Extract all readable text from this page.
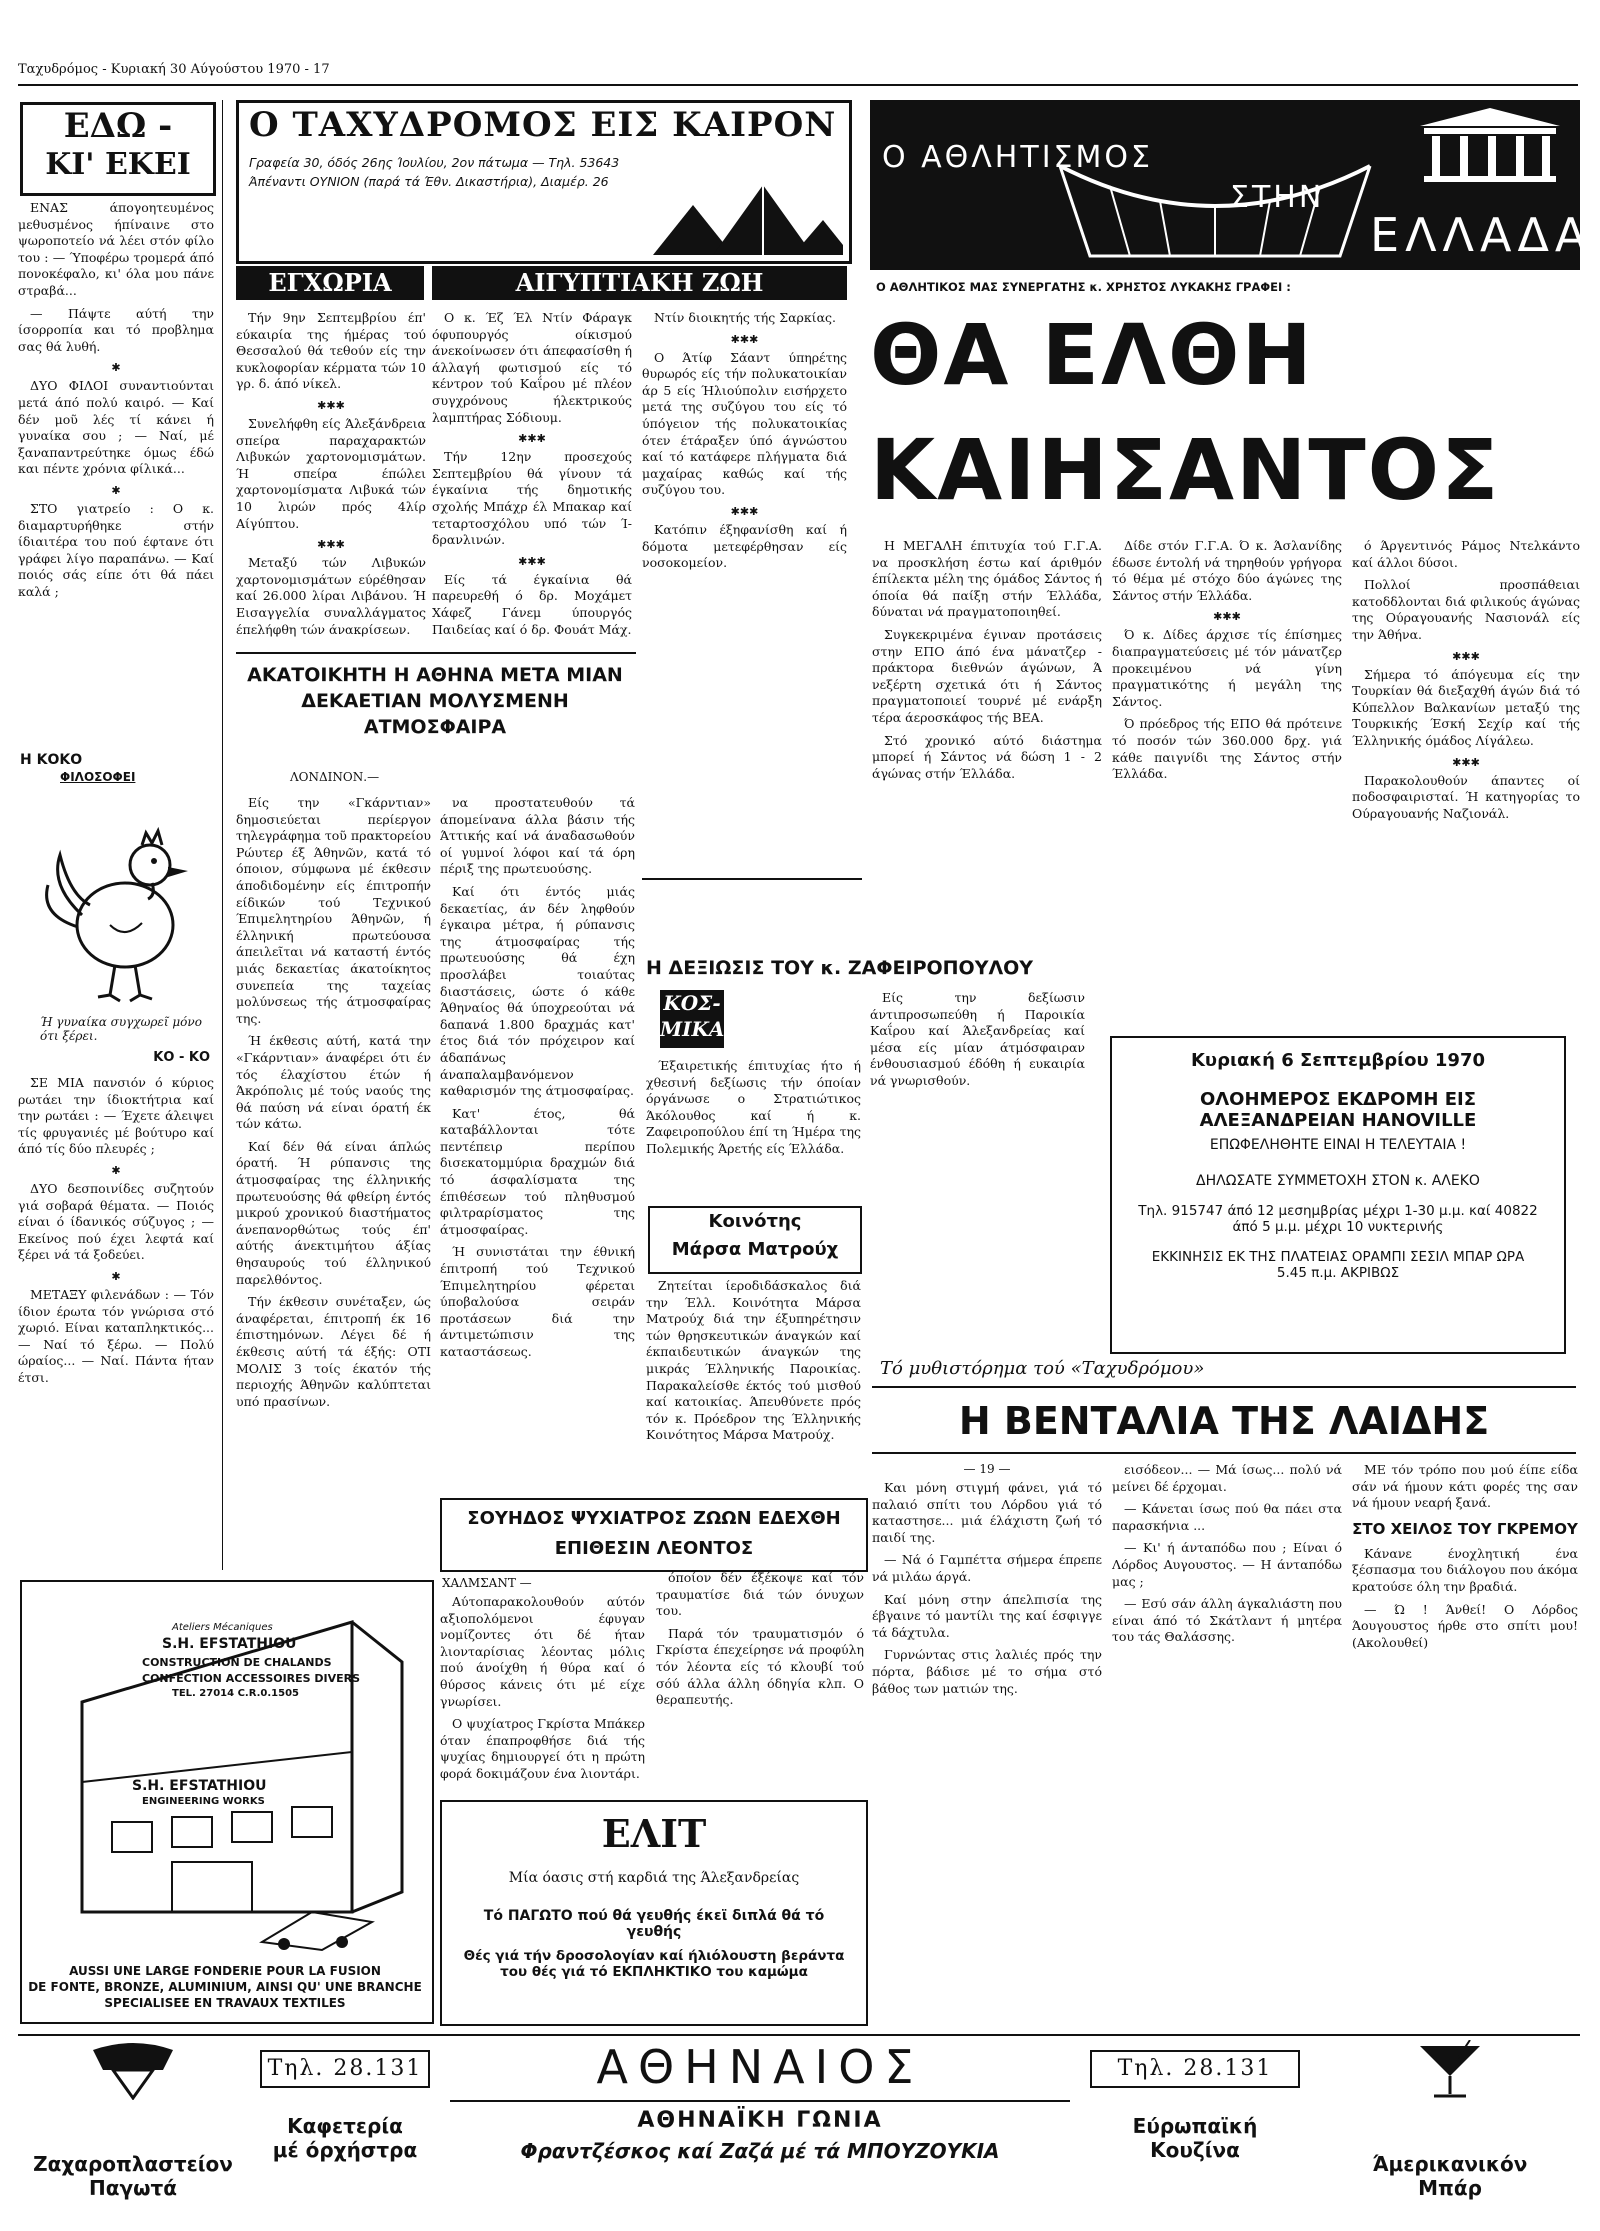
Ταχυδρόμος - Κυριακή 30 Αύγούστου 1970 - 17
ΕΔΩ -
ΚΙ' ΕΚΕΙ

ΕΝΑΣ άπογοητευμένος μεθυσμένος ήπίναινε στο ψωροποτείο νά λέει στόν φίλο του : — Ύποφέρω τρομερά άπό πονοκέφαλο, κι' όλα μου πάνε στραβά...

— Πάψτε αύτή την ίσορροπία και τό προβλημα σας θά λυθή.

✱

ΔΥΟ ΦΙΛΟΙ συναντιούνται μετά άπό πολύ καιρό. — Καί δέν μοῦ λές τί κάνει ή γυναίκα σου ; — Ναί, μέ ξαναπαντρεύτηκε όμως έδώ και πέντε χρόνια φίλικά...

✱

ΣΤΟ γιατρείο : Ο κ. διαμαρτυρήθηκε στήν ίδιαιτέρα του πού έφτανε ότι γράφει λίγο παραπάνω. — Καί ποιός σάς είπε ότι θά πάει καλά ;

Η ΚΟΚΟ
ΦΙΛΟΣΟΦΕΙ
Ή γυναίκα συγχωρεῖ μόνο ότι ξέρει.
ΚΟ - ΚΟ

ΣΕ ΜΙΑ πανσιόν ό κύριος ρωτάει την ίδιοκτήτρια καί την ρωτάει : — Έχετε άλειψει τίς φρυγανιές μέ βούτυρο καί άπό τίς δύο πλευρές ;

✱

ΔΥΟ δεσποινίδες συζητούν γιά σοβαρά θέματα. — Ποιός είναι ό ίδανικός σύζυγος ; — Εκείνος πού έχει λεφτά καί ξέρει νά τά ξοδεύει.

✱

ΜΕΤΑΞΥ φιλενάδων : — Τόν ίδιον έρωτα τόν γνώρισα στό χωριό. Είναι καταπληκτικός... — Ναί τό ξέρω. — Πολύ ώραίος... — Ναί. Πάντα ήταν έτσι.

Ο ΤΑΧΥΔΡΟΜΟΣ ΕΙΣ ΚΑΙΡΟΝ
Γραφεία 30, όδός 26ης Ίουλίου, 2ον πάτωμα — Τηλ. 53643
Άπέναντι ΟΥΝΙΟΝ (παρά τά Έθν. Δικαστήρια), Διαμέρ. 26
ΕΓΧΩΡΙΑ

Τήν 9ην Σεπτεμβρίου έπ' εύκαιρία της ήμέρας τού Θεσσαλού θά τεθούν είς την κυκλοφορίαν κέρματα τών 10 γρ. δ. άπό νίκελ.

✱✱✱

Συνελήφθη είς Άλεξάνδρεια σπείρα παραχαρακτών Λιβυκών χαρτονομισμάτων. Ή σπείρα έπώλει χαρτονομίσματα Λιβυκά τών 10 λιρών πρός 4λίρ Αίγύπτου.

✱✱✱

Μεταξύ τών Λιβυκών χαρτονομισμάτων εύρέθησαν καί 26.000 λίραι Λιβάνου. Ή Εισαγγελία συναλλάγματος έπελήφθη τών άνακρίσεων.

ΑΙΓΥΠΤΙΑΚΗ ΖΩΗ

Ο κ. Έζ Έλ Ντίν Φάραγκ όφυπουργός οίκισμού άνεκοίνωσεν ότι άπεφασίσθη ή άλλαγή φωτισμού είς τό κέντρον τού Καΐρου μέ πλέον συγχρόνους ήλεκτρικούς λαμπτήρας Σόδιουμ.

✱✱✱

Τήν 12ην προσεχούς Σεπτεμβρίου θά γίνουν τά έγκαίνια τής δημοτικής σχολής Μπάχρ έλ Μπακαρ καί τεταρτοσχόλου υπό τών Ί-δρανλινών.

✱✱✱

Είς τά έγκαίνια θά παρευρεθή ό δρ. Μοχάμετ Χάφεζ Γάνεμ ύπουργός Παιδείας καί ό δρ. Φουάτ Μάχ.

Ντίν διοικητής τής Σαρκίας.

✱✱✱

Ο Άτίφ Σάαντ ύπηρέτης θυρωρός είς τήν πολυκατοικίαν άρ 5 είς Ήλιούπολιν εισήρχετο μετά της συζύγου του είς τό ύπόγειον τής πολυκατοικίας ότεν έτάραξεν ύπό άγνώστου καί τό κατάφερε πλήγματα διά μαχαίρας καθώς καί τής συζύγου του.

✱✱✱

Κατόπιν έξηφανίσθη καί ή δόμοτα μετεφέρθησαν είς νοσοκομείον.

ΑΚΑΤΟΙΚΗΤΗ Η ΑΘΗΝΑ ΜΕΤΑ ΜΙΑΝ ΔΕΚΑΕΤΙΑΝ ΜΟΛΥΣΜΕΝΗ ΑΤΜΟΣΦΑΙΡΑ
ΛΟΝΔΙΝΟΝ.—

Είς την «Γκάρντιαν» δημοσιεύεται περίεργον τηλεγράφημα τοῦ πρακτορείου Ρώυτερ έξ Άθηνῶν, κατά τό όποιον, σύμφωνα μέ έκθεσιν άποδιδομένην είς έπιτροπήν είδικών τού Τεχνικού Έπιμελητηρίου Άθηνῶν, ή έλληνική πρωτεύουσα άπειλεῖται νά καταστή έντός μιάς δεκαετίας άκατοίκητος συνεπεία της ταχείας μολύνσεως τής άτμοσφαίρας της.

Ή έκθεσις αύτή, κατά την «Γκάρντιαν» άναφέρει ότι έν τός έλαχίστου έτών ή Άκρόπολις μέ τούς ναούς της θά παύση νά είναι όρατή έκ τών κάτω.

Καί δέν θά είναι άπλώς όρατή. Ή ρύπανσις της άτμοσφαίρας της έλληνικής πρωτευούσης θά φθείρη έντός μικρού χρονικού διαστήματος άνεπανορθώτως τούς έπ' αύτής άνεκτιμήτου άξίας θησαυρούς τού έλληνικού παρελθόντος.

Τήν έκθεσιν συνέταξεν, ώς άναφέρεται, έπιτροπή έκ 16 έπιστημόνων. Λέγει δέ ή έκθεσις αύτή τά έξής: ΟΤΙ ΜΟΛΙΣ 3 τοίς έκατόν τής περιοχής Άθηνῶν καλύπτεται υπό πρασίνων.

να προστατευθούν τά άπομείνανα άλλα βάσιν τής Άττικής καί νά άναδασωθούν οί γυμνοί λόφοι καί τά όρη πέριξ της πρωτευούσης.

Καί ότι έντός μιάς δεκαετίας, άν δέν ληφθούν έγκαιρα μέτρα, ή ρύπανσις της άτμοσφαίρας τής πρωτευούσης θά έχη προσλάβει τοιαύτας διαστάσεις, ώστε ό κάθε Άθηναίος θά ύποχρεούται νά δαπανά 1.800 δραχμάς κατ' έτος διά τόν πρόχειρον καί άδαπάνως άναπαλαμβανόμενον καθαρισμόν της άτμοσφαίρας.

Κατ' έτος, θά καταβάλλονται τότε πεντέπειρ περίπου δισεκατομμύρια δραχμών διά τό άσφαλίσματα της έπιθέσεων τού πληθυσμού φιλτραρίσματος της άτμοσφαίρας.

Ή συνιστάται την έθνική έπιτροπή τού Τεχνικού Έπιμελητηρίου φέρεται ύποβαλούσα σειράν προτάσεων διά την άντιμετώπισιν της καταστάσεως.

Η ΔΕΞΙΩΣΙΣ ΤΟΥ κ. ΖΑΦΕΙΡΟΠΟΥΛΟΥ
ΚΟΣ-ΜΙΚΑ

Έξαιρετικής έπιτυχίας ήτο ή χθεσινή δεξίωσις τήν όποίαν όργάνωσε ο Στρατιώτικος Άκόλουθος καί ή κ. Ζαφειροπούλου έπί τη Ήμέρα της Πολεμικής Άρετής είς Έλλάδα.

Είς την δεξίωσιν άντιπροσωπεύθη ή Παροικία Καΐρου καί Άλεξανδρείας καί μέσα είς μίαν άτμόσφαιραν ένθουσιασμού έδόθη ή ευκαιρία νά γνωρισθούν.

Κοινότης
Μάρσα Ματρούχ

Ζητείται ίεροδιδάσκαλος διά την Έλλ. Κοινότητα Μάρσα Ματρούχ διά την έξυπηρέτησιν τών θρησκευτικών άναγκών καί έκπαιδευτικών άναγκών της μικράς Έλληνικής Παροικίας. Παρακαλείσθε έκτός τού μισθού καί κατοικίας. Άπευθύνετε πρός τόν κ. Πρόεδρον της Έλληνικής Κοινότητος Μάρσα Ματρούχ.

Ο ΑΘΛΗΤΙΣΜΟΣ
ΣΤΗΝ
ΕΛΛΑΔΑ
Ο ΑΘΛΗΤΙΚΟΣ ΜΑΣ ΣΥΝΕΡΓΑΤΗΣ κ. ΧΡΗΣΤΟΣ ΛΥΚΑΚΗΣ ΓΡΑΦΕΙ :
ΘΑ ΕΛΘΗ
ΚΑΙΗΣΑΝΤΟΣ

Η ΜΕΓΑΛΗ έπιτυχία τού Γ.Γ.Α. να προσκλήση έστω καί άριθμόν έπίλεκτα μέλη της όμάδος Σάντος ή όποία θά παίξη στήν Έλλάδα, δύναται νά πραγματοποιηθεί.

Συγκεκριμένα έγιναν προτάσεις στην ΕΠΟ άπό ένα μάνατζερ - πράκτορα διεθνών άγώνων, Ά νεξέρτη σχετικά ότι ή Σάντος πραγματοποιεί τουρνέ μέ ενάρξη τέρα άεροσκάφος τής ΒΕΑ.

Στό χρονικό αύτό διάστημα μπορεί ή Σάντος νά δώση 1 - 2 άγώνας στήν Έλλάδα.

Δίδε στόν Γ.Γ.Α. Ό κ. Άσλανίδης έδωσε έντολή νά τηρηθούν γρήγορα τό θέμα μέ στόχο δύο άγώνες της Σάντος στήν Έλλάδα.

✱✱✱

Ό κ. Δίδες άρχισε τίς έπίσημες διαπραγματεύσεις μέ τόν μάνατζερ προκειμένου νά γίνη πραγματικότης ή μεγάλη της Σάντος.

Ό πρόεδρος τής ΕΠΟ θά πρότεινε τό ποσόν τών 360.000 δρχ. γιά κάθε παιγνίδι της Σάντος στήν Έλλάδα.

ό Άργεντινός Ράμος Ντελκάντο καί άλλοι δύσοι.

Πολλοί προσπάθειαι κατοδδλονται διά φιλικούς άγώνας της Ούραγουανής Νασιονάλ είς την Άθήνα.

✱✱✱

Σήμερα τό άπόγευμα είς την Τουρκίαν θά διεξαχθή άγών διά τό Κύπελλον Βαλκανίων μεταξύ της Τουρκικής Έσκή Σεχίρ καί τής Έλληνικής όμάδος Λίγάλεω.

✱✱✱

Παρακολουθούν άπαντες οί ποδοσφαιρισταί. Ή κατηγορίας το Ούραγουανής Ναζιονάλ.

Κυριακή 6 Σεπτεμβρίου 1970
ΟΛΟΗΜΕΡΟΣ ΕΚΔΡΟΜΗ ΕΙΣ
ΑΛΕΞΑΝΔΡΕΙΑΝ HANOVILLE
ΕΠΩΦΕΛΗΘΗΤΕ ΕΙΝΑΙ Η ΤΕΛΕΥΤΑΙΑ !
ΔΗΛΩΣΑΤΕ ΣΥΜΜΕΤΟΧΗ ΣΤΟΝ κ. ΑΛΕΚΟ
Τηλ. 915747 άπό 12 μεσημβρίας μέχρι 1-30 μ.μ. καί 40822 άπό 5 μ.μ. μέχρι 10 νυκτερινής
ΕΚΚΙΝΗΣΙΣ ΕΚ ΤΗΣ ΠΛΑΤΕΙΑΣ ΟΡΑΜΠΙ ΣΕΣΙΛ ΜΠΑΡ ΩΡΑ 5.45 π.μ. ΑΚΡΙΒΩΣ
Τό μυθιστόρημα τού «Ταχυδρόμου»
Η ΒΕΝΤΑΛΙΑ ΤΗΣ ΛΑΙΔΗΣ
— 19 —

Και μόνη στιγμή φάνει, γιά τό παλαιό σπίτι του Λόρδου γιά τό καταστησε... μιά έλάχιστη ζωή τό παιδί της.

— Νά ό Γαμπέττα σήμερα έπρεπε νά μιλάω άργά.

Καί μόνη στην άπελπισία της έβγαινε τό μαντίλι της καί έσφιγγε τά δάχτυλα.

Γυρνώντας στις λαλιές πρός την πόρτα, βάδισε μέ το σήμα στό βάθος των ματιών της.

εισόδεον... — Μά ίσως... πολύ νά μείνει δέ έρχομαι.

— Κάνεται ίσως πού θα πάει στα παρασκήνια ...

— Κι' ή άνταπόδω που ; Είναι ό Λόρδος Αυγουστος. — Η άνταπόδω μας ;

— Εσύ σάν άλλη άγκαλιάστη που είναι άπό τό Σκάτλαντ ή μητέρα του τάς Θαλάσσης.

ΜΕ τόν τρόπο που μού έίπε είδα σάν νά ήμουν κάτι φορές της σαν νά ήμουν νεαρή ξανά.

ΣΤΟ ΧΕΙΛΟΣ ΤΟΥ ΓΚΡΕΜΟΥ

Κάνανε ένοχλητική ένα ξέσπασμα του διάλογου που άκόμα κρατούσε όλη την βραδιά.

— Ώ ! Άνθεί! Ο Λόρδος Άουγουστος ήρθε στο σπίτι μου! (Ακολουθεί)

ΣΟΥΗΔΟΣ ΨΥΧΙΑΤΡΟΣ ΖΩΩΝ ΕΔΕΧΘΗ ΕΠΙΘΕΣΙΝ ΛΕΟΝΤΟΣ
ΧΑΛΜΣΑΝΤ —

Αύτοπαρακολουθούν αύτόν αξιοπολόμενοι έφυγαν νομίζοντες ότι δέ ήταν λιονταρίσιας λέοντας μόλις πού άνοίχθη ή θύρα καί ό θύρσος κάνεις ότι μέ είχε γνωρίσει.

Ο ψυχίατρος Γκρίστα Μπάκερ όταν έπαπροφθήσε διά τής ψυχίας δημιουργεί ότι η πρώτη φορά δοκιμάζουν ένα λιοντάρι.

όποίον δέν έξέκοψε καί τόν τραυματίσε διά τών όνυχων του.

Παρά τόν τραυματισμόν ό Γκρίστα έπεχείρησε νά προφύλη τόν λέοντα είς τό κλουβί τού σόύ άλλα άλλη όδηγία κλπ. Ο θεραπευτής.

ΕΛΙΤ
Μία όασις στή καρδιά της Άλεξανδρείας
Τό ΠΑΓΩΤΟ πού θά γευθής έκεϊ διπλά θά τό γευθής
Θές γιά τήν δροσολογίαν καί ήλιόλουστη βεράντα του θές γιά τό ΕΚΠΛΗΚΤΙΚΟ του καμώμα
Ateliers Mécaniques
S.H. EFSTATHIOU
CONSTRUCTION DE CHALANDS
CONFECTION ACCESSOIRES DIVERS
TEL. 27014 C.R.0.1505
S.H. EFSTATHIOU
ENGINEERING WORKS
AUSSI UNE LARGE FONDERIE POUR LA FUSION
DE FONTE, BRONZE, ALUMINIUM, AINSI QU' UNE BRANCHE
SPECIALISEE EN TRAVAUX TEXTILES
Ζαχαροπλαστείον
Παγωτά
Τηλ. 28.131
Καφετερία
μέ όρχήστρα
ΑΘΗΝΑΙΟΣ
ΑΘΗΝΑΪΚΗ ΓΩΝΙΑ
Φραντζέσκος καί Ζαζά μέ τά ΜΠΟΥΖΟΥΚΙΑ
Τηλ. 28.131
Εύρωπαϊκή
Κουζίνα
Άμερικανικόν
Μπάρ
